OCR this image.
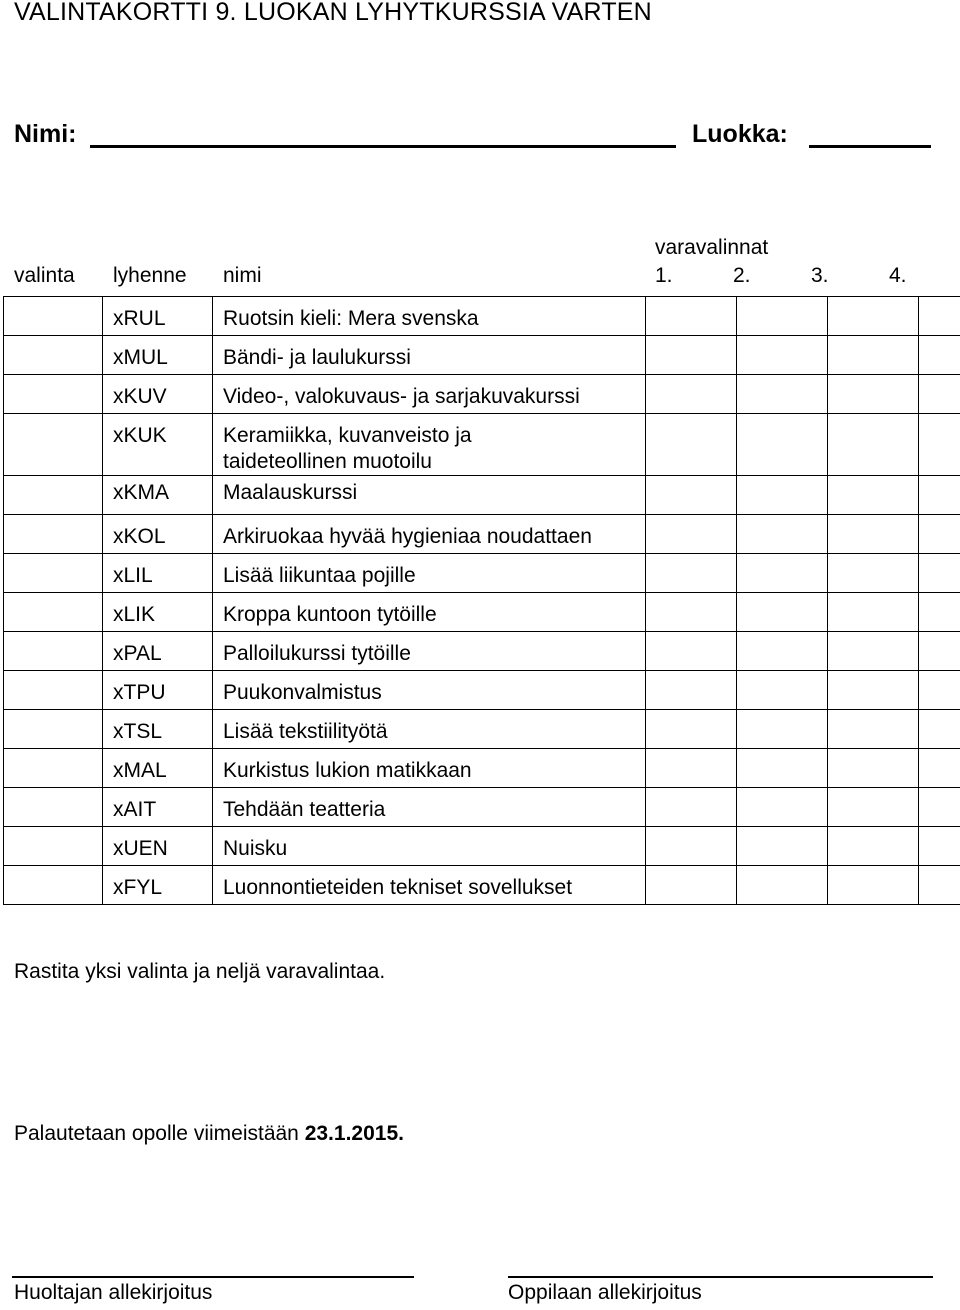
VALINTAKORTTI 9. LUOKAN LYHYTKURSSIA VARTEN
Nimi:	Luokka:
varavalinnat
valinta lyhenne nimi	1.	2.	3.	4.
	xRUL	Ruotsin kieli: Mera svenska				
	xMUL	Bändi- ja laulukurssi				
	xKUV	Video-, valokuvaus- ja sarjakuvakurssi				
	xKUK	Keramiikka, kuvanveisto ja
taideteollinen muotoilu				

	xKMA	Maalauskurssi				
	xKOL	Arkiruokaa hyvää hygieniaa noudattaen				
	xLIL	Lisää liikuntaa pojille				
	xLIK	Kroppa kuntoon tytöille				
	xPAL	Palloilukurssi tytöille				
	xTPU	Puukonvalmistus				
	xTSL	Lisää tekstiilityötä				
	xMAL	Kurkistus lukion matikkaan				
	xAIT	Tehdään teatteria				
	xUEN	Nuisku				
	xFYL	Luonnontieteiden tekniset sovellukset				
Rastita yksi valinta ja neljä varavalintaa.
Palautetaan opolle viimeistään 23.1.2015.
Huoltajan allekirjoitus	Oppilaan allekirjoitus
